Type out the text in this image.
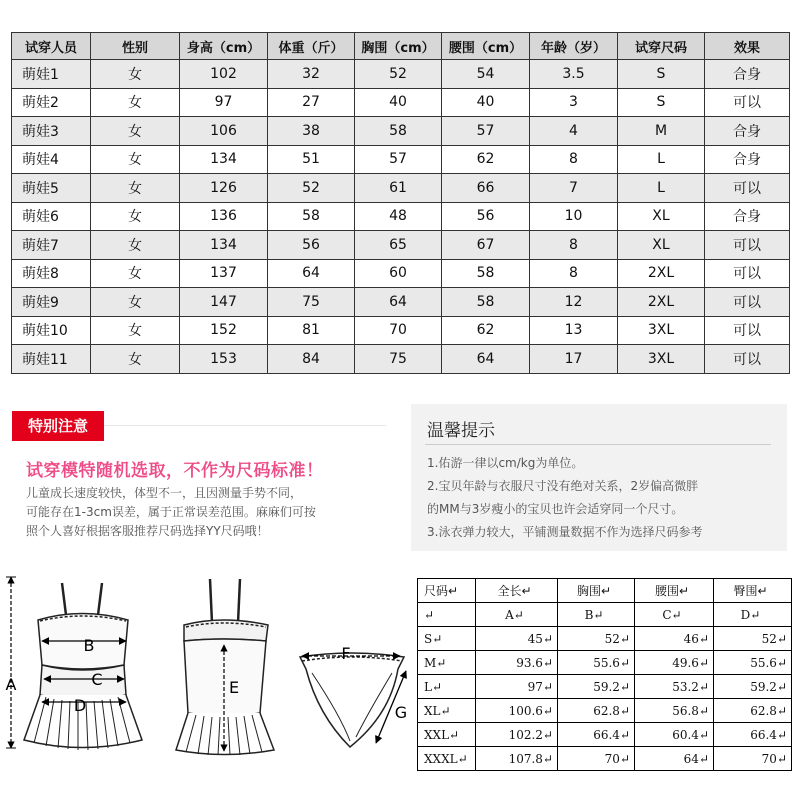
试穿人员	性别	身高（cm）	体重（斤）	胸围（cm）	腰围（cm）	年龄（岁）	试穿尺码	效果
萌娃1	女	102	32	52	54	3.5	S	合身
萌娃2	女	97	27	40	40	3	S	可以
萌娃3	女	106	38	58	57	4	M	合身
萌娃4	女	134	51	57	62	8	L	合身
萌娃5	女	126	52	61	66	7	L	可以
萌娃6	女	136	58	48	56	10	XL	合身
萌娃7	女	134	56	65	67	8	XL	可以
萌娃8	女	137	64	60	58	8	2XL	可以
萌娃9	女	147	75	64	58	12	2XL	可以
萌娃10	女	152	81	70	62	13	3XL	可以
萌娃11	女	153	84	75	64	17	3XL	可以
特别注意
试穿模特随机选取，不作为尺码标准！
儿童成长速度较快，体型不一，且因测量手势不同，
可能存在1-3cm误差，属于正常误差范围。麻麻们可按
照个人喜好根据客服推荐尺码选择YY尺码哦！
温馨提示
1.佑游一律以cm/kg为单位。
2.宝贝年龄与衣服尺寸没有绝对关系，2岁偏高微胖
的MM与3岁瘦小的宝贝也许会适穿同一个尺寸。
3.泳衣弹力较大，平铺测量数据不作为选择尺码参考
A
B
C
D
E
F
G
尺码↵	全长↵	胸围↵	腰围↵	臀围↵
↵	A↵	B↵	C↵	D↵
S↵	45↵	52↵	46↵	52↵
M↵	93.6↵	55.6↵	49.6↵	55.6↵
L↵	97↵	59.2↵	53.2↵	59.2↵
XL↵	100.6↵	62.8↵	56.8↵	62.8↵
XXL↵	102.2↵	66.4↵	60.4↵	66.4↵
XXXL↵	107.8↵	70↵	64↵	70↵
